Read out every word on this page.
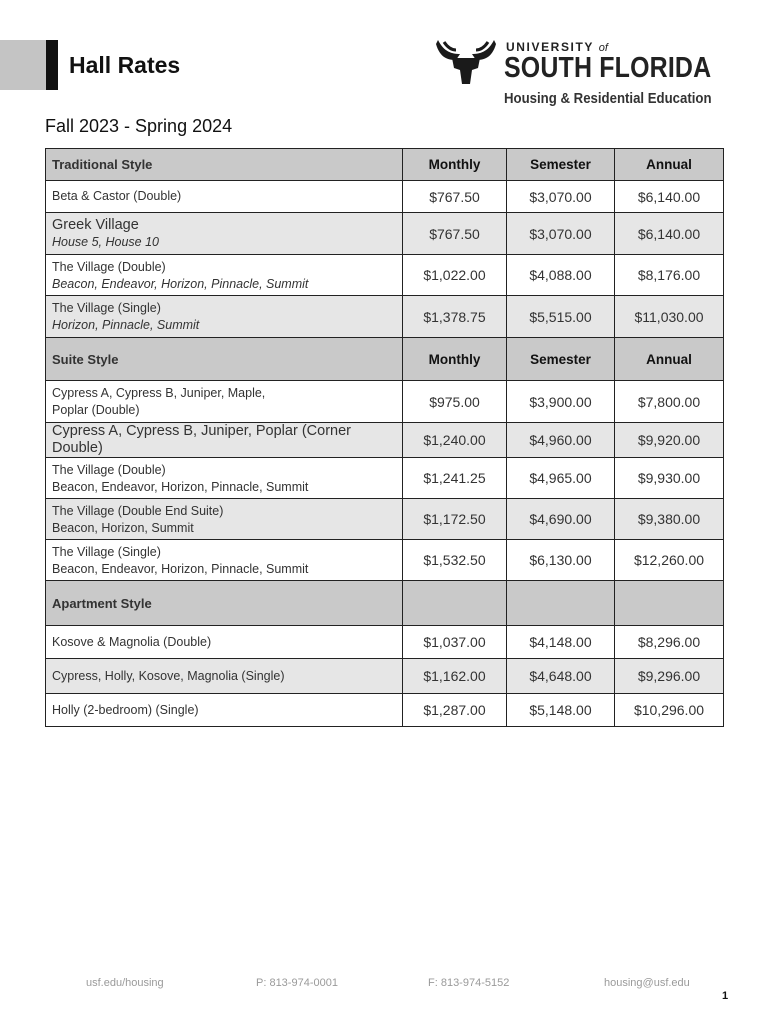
Hall Rates
UNIVERSITY of
SOUTH FLORIDA
Housing & Residential Education
Fall 2023 - Spring 2024
Traditional Style	Monthly	Semester	Annual

Beta & Castor (Double)	$767.50	$3,070.00	$6,140.00

Greek Village
House 5, House 10	$767.50	$3,070.00	$6,140.00

The Village (Double)
Beacon, Endeavor, Horizon, Pinnacle, Summit	$1,022.00	$4,088.00	$8,176.00

The Village (Single)
Horizon, Pinnacle, Summit	$1,378.75	$5,515.00	$11,030.00

Suite Style	Monthly	Semester	Annual

Cypress A, Cypress B, Juniper, Maple,
Poplar (Double)	$975.00	$3,900.00	$7,800.00

Cypress A, Cypress B, Juniper, Poplar (Corner Double)	$1,240.00	$4,960.00	$9,920.00

The Village (Double)
Beacon, Endeavor, Horizon, Pinnacle, Summit	$1,241.25	$4,965.00	$9,930.00

The Village (Double End Suite)
Beacon, Horizon, Summit	$1,172.50	$4,690.00	$9,380.00

The Village (Single)
Beacon, Endeavor, Horizon, Pinnacle, Summit	$1,532.50	$6,130.00	$12,260.00

Apartment Style			

Kosove & Magnolia (Double)	$1,037.00	$4,148.00	$8,296.00

Cypress, Holly, Kosove, Magnolia (Single)	$1,162.00	$4,648.00	$9,296.00

Holly (2-bedroom) (Single)	$1,287.00	$5,148.00	$10,296.00
usf.edu/housing	P: 813-974-0001	F: 813-974-5152	housing@usf.edu
1
